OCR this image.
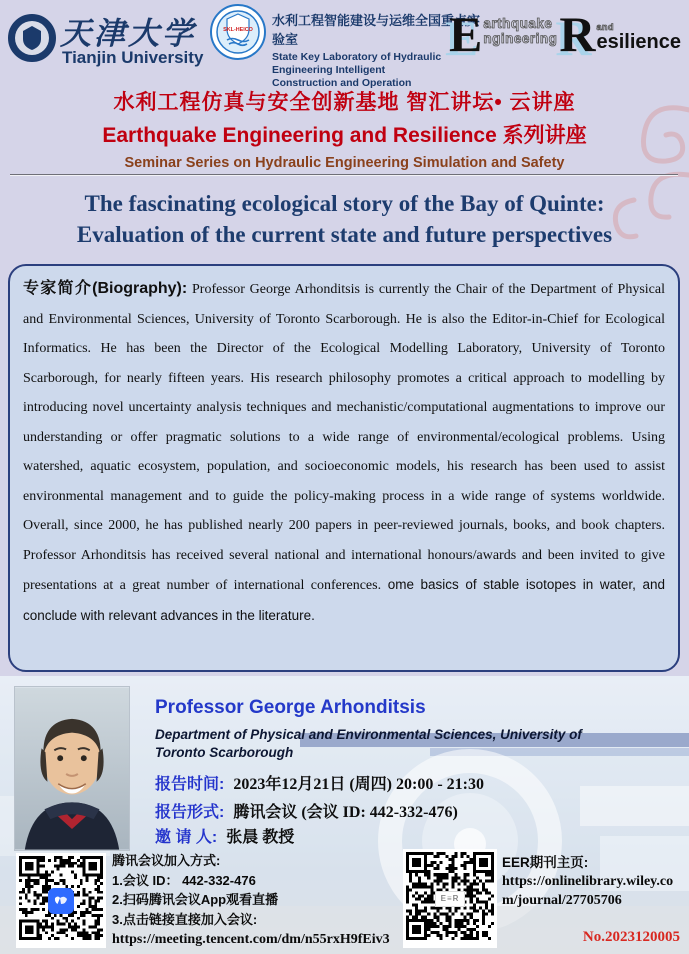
天津大学
Tianjin University
SKL-HEICO
水利工程智能建设与运维全国重点实验室
State Key Laboratory of Hydraulic Engineering Intelligent
Construction and Operation
E arthquake
ngineering R and
esilience
水利工程仿真与安全创新基地 智汇讲坛• 云讲座
Earthquake Engineering and Resilience 系列讲座
Seminar Series on Hydraulic Engineering Simulation and Safety
The fascinating ecological story of the Bay of Quinte:
Evaluation of the current state and future perspectives
专家简介(Biography): Professor George Arhonditsis is currently the Chair of the Department of Physical and Environmental Sciences, University of Toronto Scarborough. He is also the Editor-in-Chief for Ecological Informatics. He has been the Director of the Ecological Modelling Laboratory, University of Toronto Scarborough, for nearly fifteen years. His research philosophy promotes a critical approach to modelling by introducing novel uncertainty analysis techniques and mechanistic/computational augmentations to improve our understanding or offer pragmatic solutions to a wide range of environmental/ecological problems. Using watershed, aquatic ecosystem, population, and socioeconomic models, his research has been used to assist environmental management and to guide the policy-making process in a wide range of systems worldwide. Overall, since 2000, he has published nearly 200 papers in peer-reviewed journals, books, and book chapters. Professor Arhonditsis has received several national and international honours/awards and been invited to give presentations at a great number of international conferences. ome basics of stable isotopes in water, and conclude with relevant advances in the literature.
Professor George Arhonditsis
Department of Physical and Environmental Sciences, University of Toronto Scarborough
报告时间: 2023年12月21日 (周四) 20:00 - 21:30
报告形式: 腾讯会议 (会议 ID: 442-332-476)
邀 请 人: 张晨 教授
腾讯会议加入方式:
1.会议 ID： 442-332-476
2.扫码腾讯会议App观看直播
3.点击链接直接加入会议:
https://meeting.tencent.com/dm/n55rxH9fEiv3
E≡R
EER期刊主页:
https://onlinelibrary.wiley.co
m/journal/27705706
No.2023120005
